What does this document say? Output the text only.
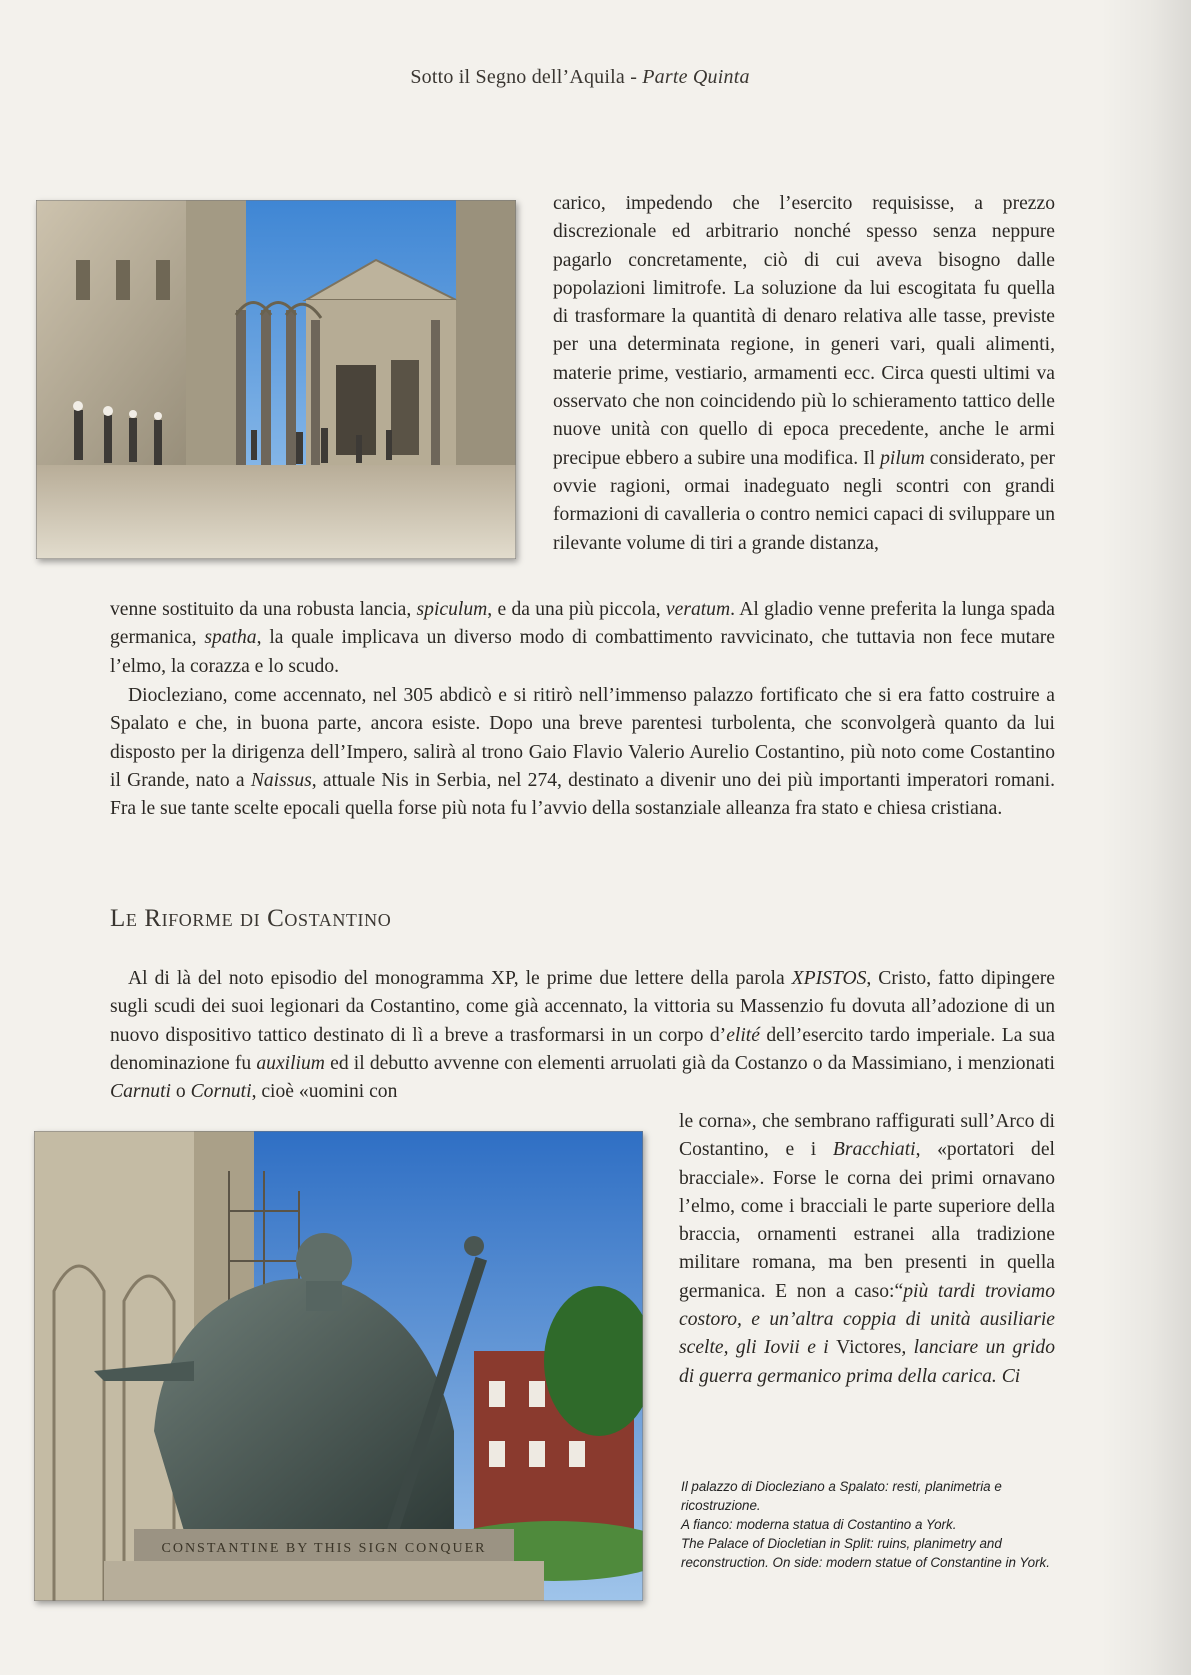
Sotto il Segno dell’Aquila - Parte Quinta

carico, impedendo che l’esercito requisisse, a prezzo discrezionale ed arbitrario nonché spesso senza neppure pagarlo concretamente, ciò di cui aveva bisogno dalle popolazioni limitrofe. La soluzione da lui escogitata fu quella di trasformare la quantità di denaro relativa alle tasse, previste per una determinata regione, in generi vari, quali alimenti, materie prime, vestiario, armamenti ecc. Circa questi ultimi va osservato che non coincidendo più lo schieramento tattico delle nuove unità con quello di epoca precedente, anche le armi precipue ebbero a subire una modifica. Il pilum considerato, per ovvie ragioni, ormai inadeguato negli scontri con grandi formazioni di cavalleria o contro nemici capaci di sviluppare un rilevante volume di tiri a grande distanza,

venne sostituito da una robusta lancia, spiculum, e da una più piccola, veratum. Al gladio venne preferita la lunga spada germanica, spatha, la quale implicava un diverso modo di combattimento ravvicinato, che tuttavia non fece mutare l’elmo, la corazza e lo scudo.

Diocleziano, come accennato, nel 305 abdicò e si ritirò nell’immenso palazzo fortificato che si era fatto costruire a Spalato e che, in buona parte, ancora esiste. Dopo una breve parentesi turbolenta, che sconvolgerà quanto da lui disposto per la dirigenza dell’Impero, salirà al trono Gaio Flavio Valerio Aurelio Costantino, più noto come Costantino il Grande, nato a Naissus, attuale Nis in Serbia, nel 274, destinato a divenir uno dei più importanti imperatori romani. Fra le sue tante scelte epocali quella forse più nota fu l’avvio della sostanziale alleanza fra stato e chiesa cristiana.

Le Riforme di Costantino

Al di là del noto episodio del monogramma XP, le prime due lettere della parola XPISTOS, Cristo, fatto dipingere sugli scudi dei suoi legionari da Costantino, come già accennato, la vittoria su Massenzio fu dovuta all’adozione di un nuovo dispositivo tattico destinato di lì a breve a trasformarsi in un corpo d’elité dell’esercito tardo imperiale. La sua denominazione fu auxilium ed il debutto avvenne con elementi arruolati già da Costanzo o da Massimiano, i menzionati Carnuti o Cornuti, cioè «uomini con

CONSTANTINE BY THIS SIGN CONQUER

le corna», che sembrano raffigurati sull’Arco di Costantino, e i Bracchiati, «portatori del bracciale». Forse le corna dei primi ornavano l’elmo, come i bracciali le parte superiore della braccia, ornamenti estranei alla tradizione militare romana, ma ben presenti in quella germanica. E non a caso:“più tardi troviamo costoro, e un’altra coppia di unità ausiliarie scelte, gli Iovii e i Victores, lanciare un grido di guerra germanico prima della carica. Ci

Il palazzo di Diocleziano a Spalato: resti, planimetria e ricostruzione.

A fianco: moderna statua di Costantino a York.

The Palace of Diocletian in Split: ruins, planimetry and reconstruction. On side: modern statue of Constantine in York.
